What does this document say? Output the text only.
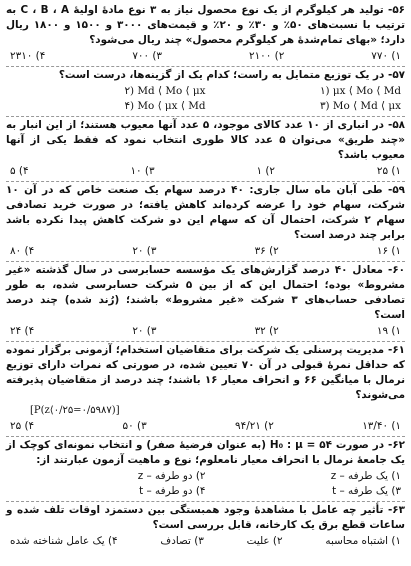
۵۶- تولید هر کیلوگرم از یک نوع محصول نیاز به ۳ نوع مادهٔ اولیهٔ C ، B ، A به ترتیب با نسبت‌های ۵۰٪ و ۳۰٪ و ۲۰٪ و قیمت‌های ۳۰۰۰ و ۱۵۰۰ و ۱۸۰۰ ریال دارد؛ «بهای تمام‌شدهٔ هر کیلوگرم محصول» چند ریال می‌شود؟

۱) ۷۷۰
۲) ۲۱۰۰
۳) ۷۰۰
۴) ۲۳۱۰

۵۷- در یک توزیع متمایل به راست؛ کدام یک از گزینه‌ها، درست است؟

۱) μx ⟨ Mo ⟨ Md
۲) Md ⟨ Mo ⟨ μx
۳) Mo ⟨ Md ⟨ μx
۴) Mo ⟨ μx ⟨ Md

۵۸- در انباری از ۱۰ عدد کالای موجود، ۵ عدد آنها معیوب هستند؛ از این انبار به «چند طریق» می‌توان ۵ عدد کالا طوری انتخاب نمود که فقط یکی از آنها معیوب باشد؟

۱) ۲۵
۲) ۱
۳) ۱۰
۴) ۵

۵۹- طی آبان ماه سال جاری: ۴۰ درصد سهام یک صنعت خاص که در آن ۱۰ شرکت، سهام خود را عرضه کرده‌اند کاهش یافته؛ در صورت خرید تصادفی سهام ۲ شرکت، احتمال آن که سهام این دو شرکت کاهش پیدا نکرده باشد برابر چند درصد است؟

۱) ۱۶
۲) ۳۶
۳) ۲۰
۴) ۸۰

۶۰- معادل ۴۰ درصد گزارش‌های یک مؤسسه حسابرسی در سال گذشته «غیر مشروط» بوده؛ احتمال این که از بین ۵ شرکت حسابرسی شده، به طور تصادفی حساب‌های ۳ شرکت «غیر مشروط» باشند؛ (رُند شده) چند درصد است؟

۱) ۱۹
۲) ۳۲
۳) ۲۰
۴) ۲۴

۶۱- مدیریت پرسنلی یک شرکت برای متقاضیان استخدام؛ آزمونی برگزار نموده که حداقل نمرهٔ قبولی در آن ۷۰ تعیین شده، در صورتی که نمرات دارای توزیع نرمال با میانگین ۶۶ و انحراف معیار ۱۶ باشند؛ چند درصد از متقاضیان پذیرفته می‌شوند؟

[P(z⟨۰/۲۵=۰/۵۹۸۷)]
۱) ۱۳/۴۰
۲) ۹۴/۲۱
۳) ۵۰
۴) ۲۵

۶۲- در صورت H₀ : μ = ۵۴ (به عنوان فرضیهٔ صفر) و انتخاب نمونه‌ای کوچک از یک جامعهٔ نرمال با انحراف معیار نامعلوم؛ نوع و ماهیت آزمون عبارتند از:

۱) یک طرفه – z
۲) دو طرفه – z
۳) یک طرفه – t
۴) دو طرفه – t

۶۳- تأثیر چه عامل با مشاهدهٔ وجود همبستگی بین دستمزد اوقات تلف شده و ساعات قطع برق یک کارخانه، قابل بررسی است؟

۱) اشتباه محاسبه
۲) علیت
۳) تصادف
۴) یک عامل شناخته شده
